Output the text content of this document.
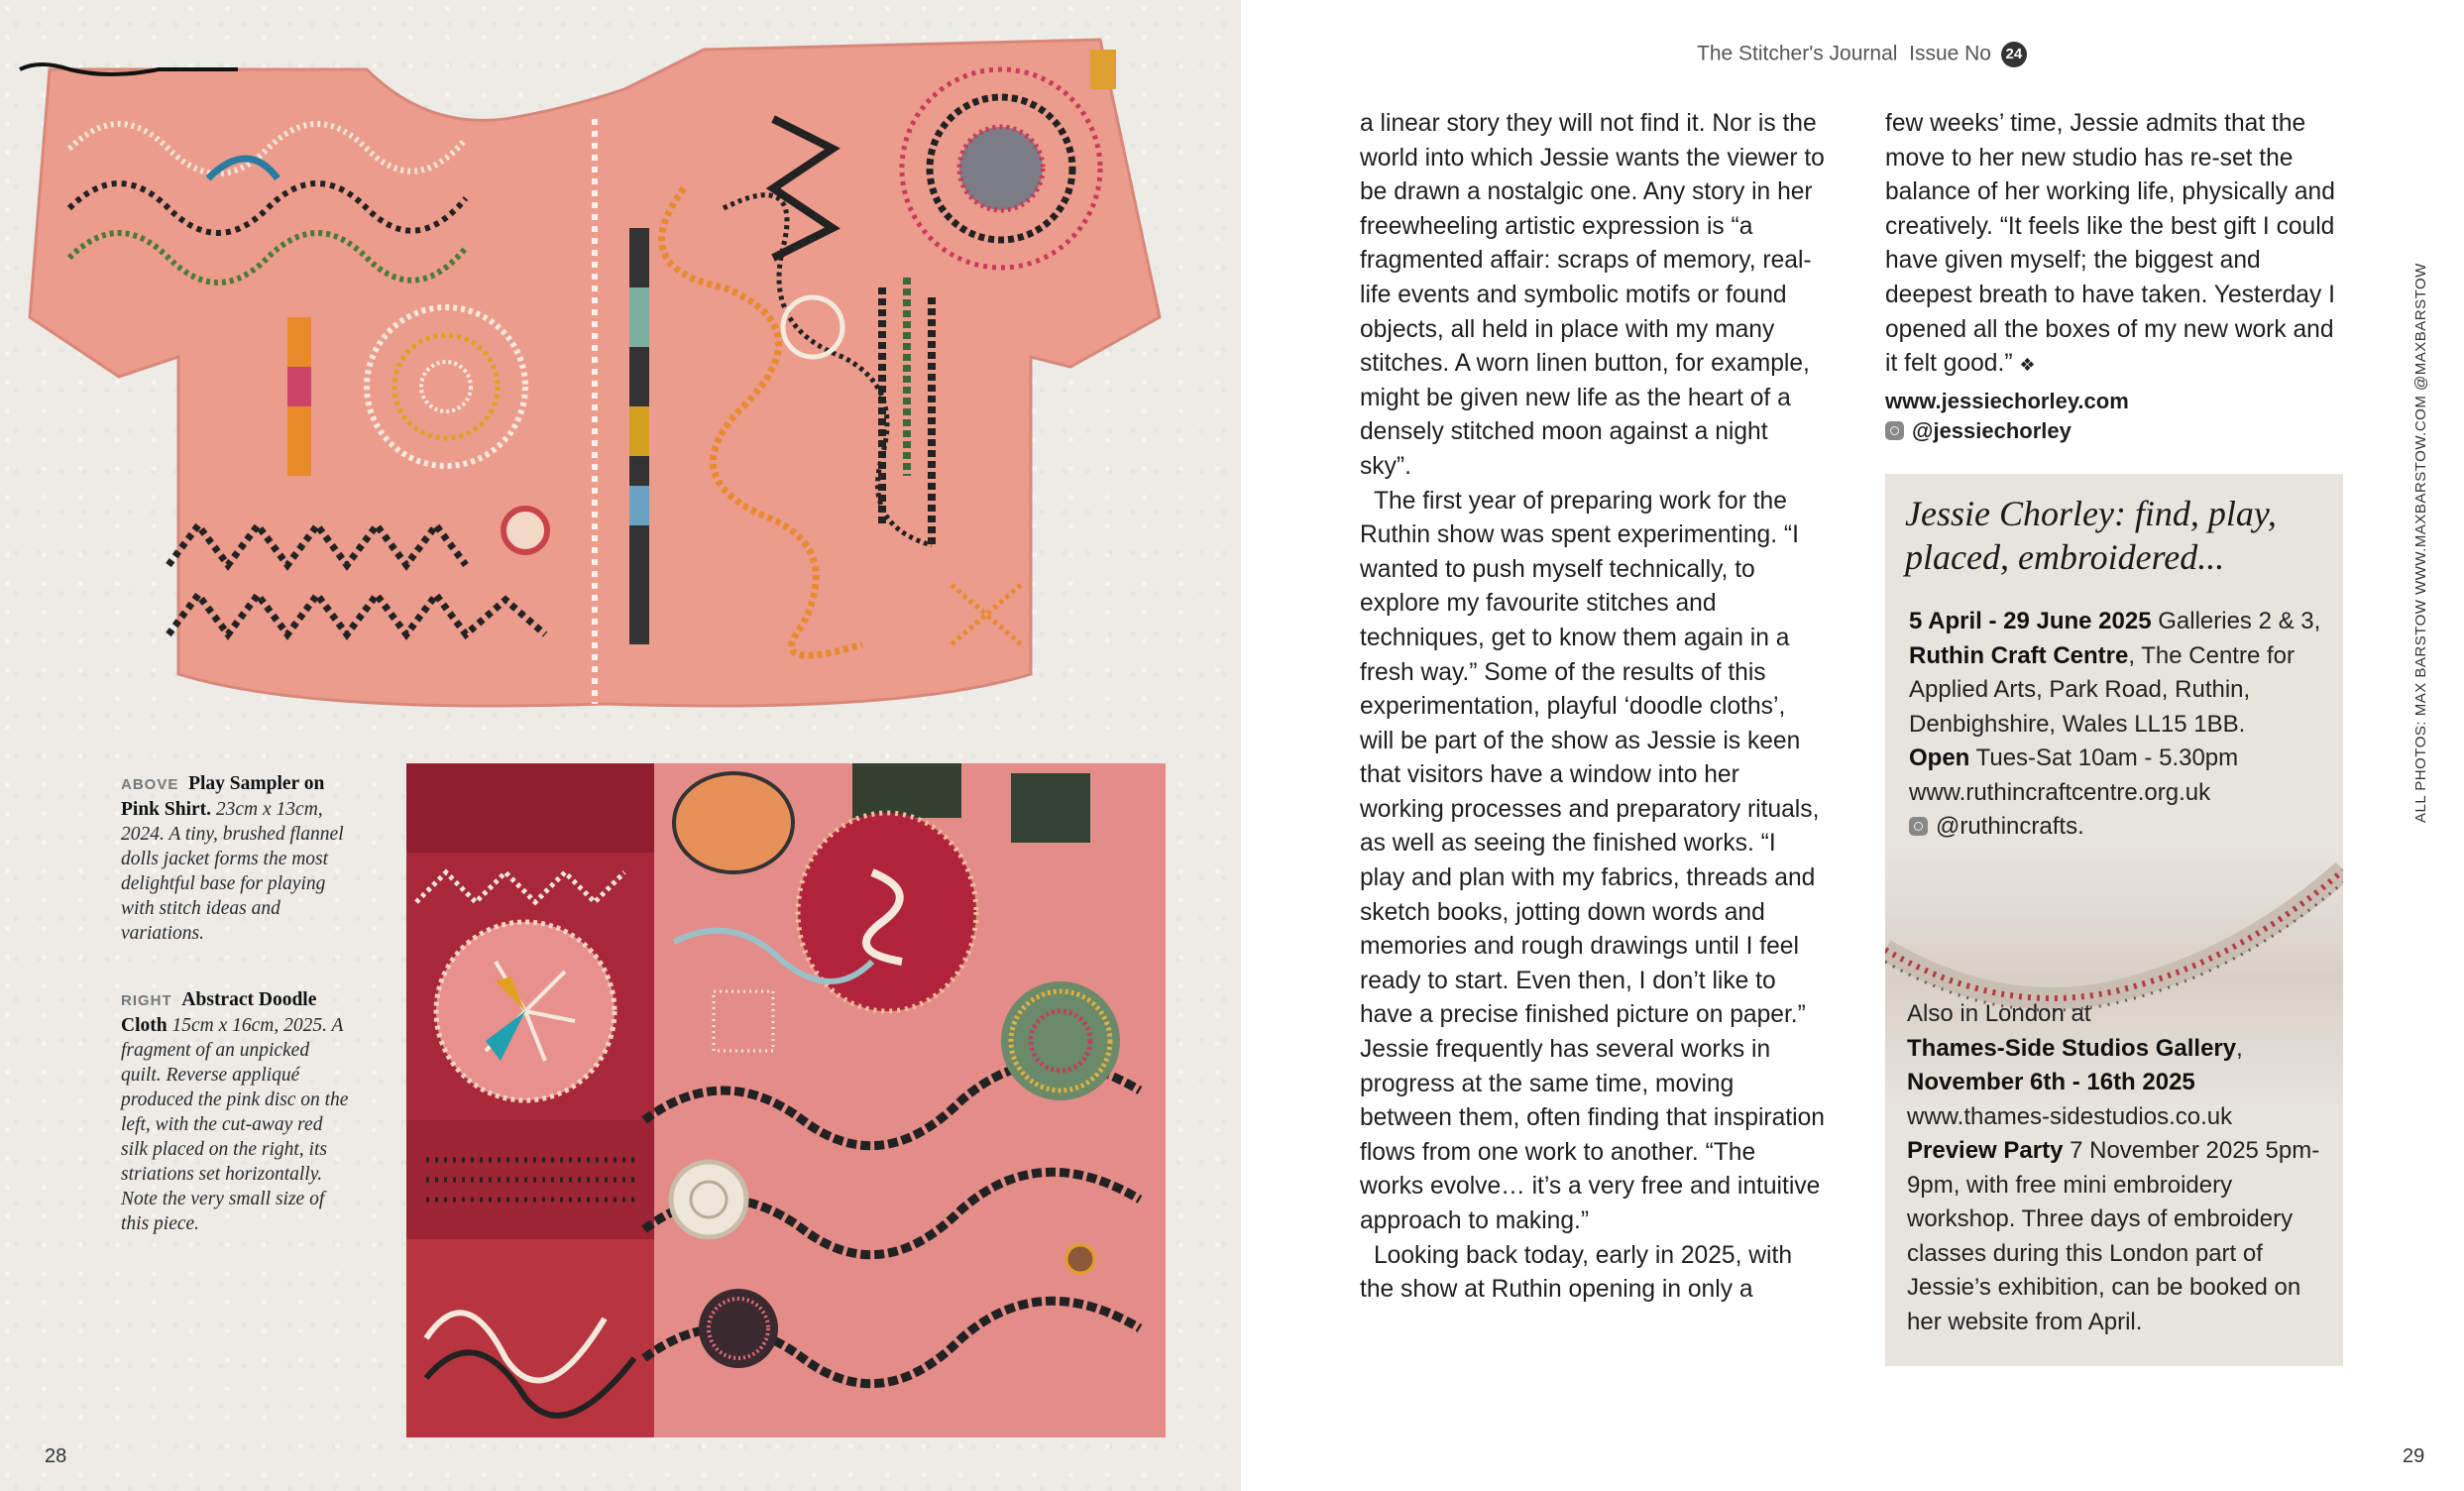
ABOVE Play Sampler on Pink Shirt. 23cm x 13cm, 2024. A tiny, brushed flannel dolls jacket forms the most delightful base for playing with stitch ideas and variations.
RIGHT Abstract Doodle Cloth 15cm x 16cm, 2025. A fragment of an unpicked quilt. Reverse appliqué produced the pink disc on the left, with the cut-away red silk placed on the right, its striations set horizontally. Note the very small size of this piece.
28
The Stitcher's Journal Issue No 24

a linear story they will not find it. Nor is the world into which Jessie wants the viewer to be drawn a nostalgic one. Any story in her freewheeling artistic expression is “a fragmented affair: scraps of memory, real-life events and symbolic motifs or found objects, all held in place with my many stitches. A worn linen button, for example, might be given new life as the heart of a densely stitched moon against a night sky”.

The first year of preparing work for the Ruthin show was spent experimenting. “I wanted to push myself technically, to explore my favourite stitches and techniques, get to know them again in a fresh way.” Some of the results of this experimentation, playful ‘doodle cloths’, will be part of the show as Jessie is keen that visitors have a window into her working processes and preparatory rituals, as well as seeing the finished works. “I play and plan with my fabrics, threads and sketch books, jotting down words and memories and rough drawings until I feel ready to start. Even then, I don’t like to have a precise finished picture on paper.” Jessie frequently has several works in progress at the same time, moving between them, often finding that inspiration flows from one work to another. “The works evolve… it’s a very free and intuitive approach to making.”

Looking back today, early in 2025, with the show at Ruthin opening in only a

few weeks’ time, Jessie admits that the move to her new studio has re-set the balance of her working life, physically and creatively. “It feels like the best gift I could have given myself; the biggest and deepest breath to have taken. Yesterday I opened all the boxes of my new work and it felt good.” ❖

www.jessiechorley.com
@jessiechorley
Jessie Chorley: find, play, placed, embroidered...
5 April - 29 June 2025 Galleries 2 & 3, Ruthin Craft Centre, The Centre for Applied Arts, Park Road, Ruthin, Denbighshire, Wales LL15 1BB.
Open Tues-Sat 10am - 5.30pm
www.ruthincraftcentre.org.uk
@ruthincrafts.
Also in London at
Thames-Side Studios Gallery,
November 6th - 16th 2025
www.thames-sidestudios.co.uk
Preview Party 7 November 2025 5pm-9pm, with free mini embroidery workshop. Three days of embroidery classes during this London part of Jessie’s exhibition, can be booked on her website from April.
ALL PHOTOS: MAX BARSTOW WWW.MAXBARSTOW.COM @MAXBARSTOW
29
